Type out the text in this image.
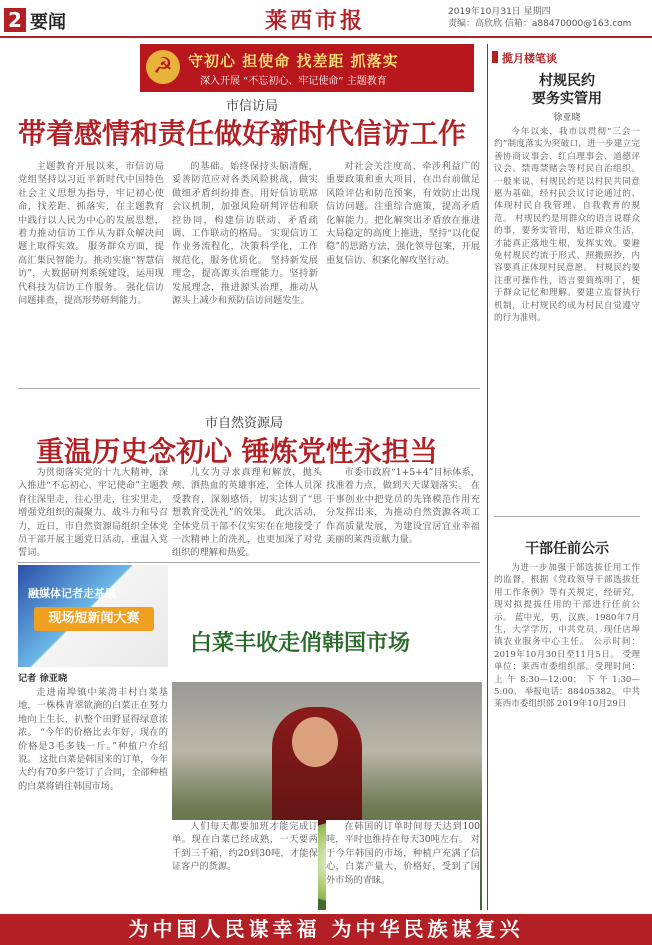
2 要闻	莱西市报	2019年10月31日 星期四
责编：高欣欣 信箱：a88470000@163.com
☭	守初心 担使命 找差距 抓落实
深入开展 “不忘初心、牢记使命” 主题教育
市信访局
带着感情和责任做好新时代信访工作

主题教育开展以来，市信访局党组坚持以习近平新时代中国特色社会主义思想为指导，牢记初心使命，找差距、抓落实，在主题教育中践行以人民为中心的发展思想，着力推动信访工作从为群众解决问题上取得实效。 服务群众方面，提高汇集民智能力。推动实施“智慧信访”，大数据研判系统建设，运用现代科技为信访工作服务。 强化信访问题排查，提高形势研判能力。

的基础。始终保持头脑清醒，妥善防范应对各类风险挑战，做实做细矛盾纠纷排查。用好信访联席会议机制，加强风险研判评估和联控协同，构建信访联动、矛盾疏调、工作联动的格局。 实现信访工作业务流程化，决策科学化，工作规范化，服务优质化。 坚持新发展理念，提高源头治理能力。坚持新发展理念，推进源头治理，推动从源头上减少和预防信访问题发生。

对社会关注度高、牵涉利益广的重要政策和重大项目，在出台前做足风险评估和防范预案，有效防止出现信访问题。注重综合施策，提高矛盾化解能力。把化解突出矛盾放在推进大局稳定的高度上推进，坚持“以化促稳”的思路方法，强化领导包案，开展重复信访、积案化解攻坚行动。

市自然资源局
重温历史念初心 锤炼党性永担当

为贯彻落实党的十九大精神，深入推进“不忘初心、牢记使命”主题教育往深里走，往心里走，往实里走，增强党组织的凝聚力、战斗力和号召力，近日，市自然资源局组织全体党员干部开展主题党日活动，重温入党誓词。

儿女为寻求真理和解放，抛头颅、洒热血的英雄事迹，全体人员深受教育，深刻感悟，切实达到了“思想教育受洗礼”的效果。 此次活动，全体党员干部不仅实实在在地接受了一次精神上的洗礼，也更加深了对党组织的理解和热爱。

市委市政府“1+5+4”目标体系，找准着力点，做到天天谋划落实。 在干事创业中把党员的先锋模范作用充分发挥出来，为推动自然资源各项工作高质量发展，为建设宜居宜业幸福美丽的莱西贡献力量。

融媒体记者走基层
现场短新闻大赛
白菜丰收走俏韩国市场
记者 徐亚晓

走进南埠镇中莱湾丰村白菜基地，一株株青翠欲滴的白菜正在努力地向上生长，扒整个田野显得绿意浓浓。 “今年的价格比去年好，现在的价格是3毛多钱一斤。”种植户介绍说。 这批白菜是韩国来的订单，今年大约有70多户签订了合同，全部种植的白菜将销往韩国市场。

人们每天都要加班才能完成订单。现在白菜已经成熟，一天要两千到三千箱，约20到30吨，才能保证客户的货源。

在韩国的订单时间每天达到100吨，平时也维持在每天30吨左右。 对于今年韩国的市场，种植户充满了信心，白菜产量大，价格好，受到了国外市场的青睐。

揽月楼笔谈
村规民约
要务实管用
徐亚晓

今年以来，我市以贯彻“三会一约”制度落实为突破口，进一步建立完善协商议事会、红白理事会、道德评议会、禁毒禁赌会等村民自治组织。一般来说，村规民约是以村民共同意愿为基础，经村民会议讨论通过的、体现村民自我管理、自我教育的规范。 村规民约是用群众的语言说群众的事，要务实管用，贴近群众生活，才能真正落地生根，发挥实效。要避免村规民约流于形式、照搬照抄，内容要真正体现村民意愿。 村规民约要注重可操作性，语言要简练明了，便于群众记忆和理解。要建立监督执行机制，让村规民约成为村民自觉遵守的行为准则。

干部任前公示

为进一步加强干部选拔任用工作的监督，根据《党政领导干部选拔任用工作条例》等有关规定，经研究，现对拟提拔任用的干部进行任前公示。 蓝中光，男，汉族，1980年7月生，大学学历，中共党员，现任店埠镇农业服务中心主任。 公示时间：2019年10月30日至11月5日。 受理单位：莱西市委组织部。受理时间：上午8:30—12:00；下午1:30—5:00。 举报电话：88405382。 中共莱西市委组织部 2019年10月29日

为中国人民谋幸福 为中华民族谋复兴
